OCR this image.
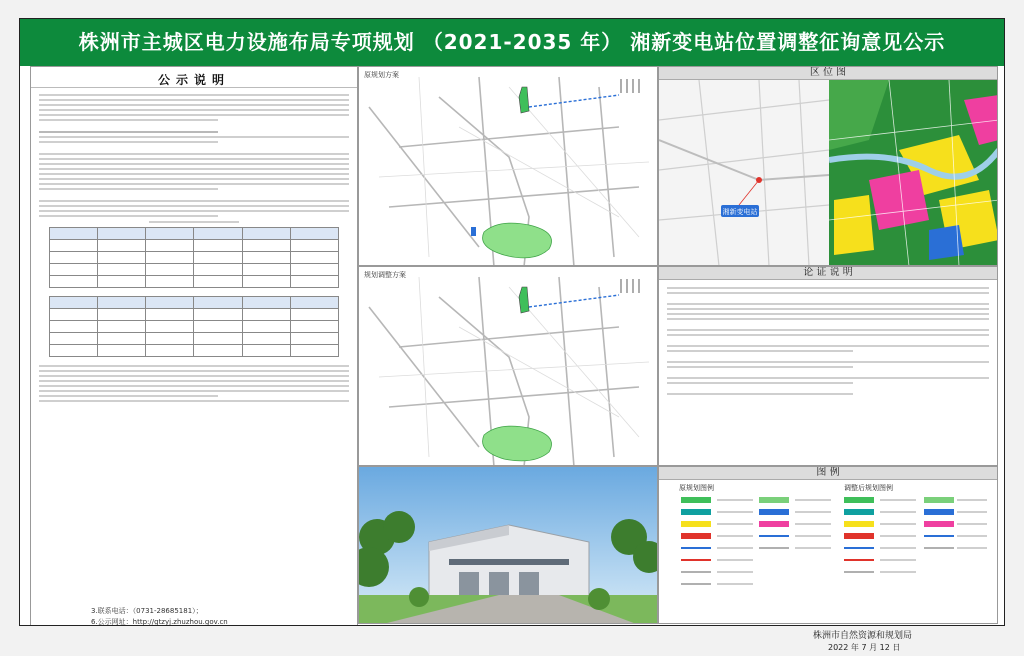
株洲市主城区电力设施布局专项规划 （2021-2035 年） 湘新变电站位置调整征询意见公示
公示说明

3.联系电话：（0731-28685181）；
6.公示网址：http://gtzyj.zhuzhou.gov.cn
原规划方案
规划调整方案
区 位 图
湘新变电站
论 证 说 明
图 例
原规划图例	调整后规划图例
株洲市自然资源和规划局
2022 年 7 月 12 日
